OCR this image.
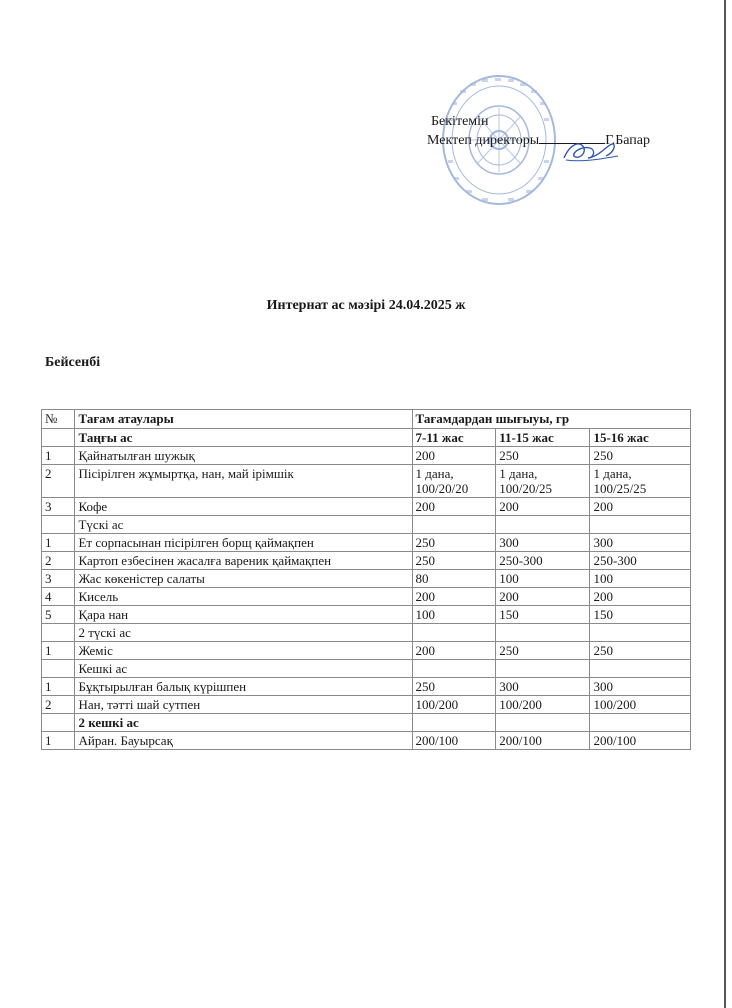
Бекітемін
Мектеп директоры	Г.Бапар
Интернат ас мәзірі 24.04.2025 ж
Бейсенбі
№	Тағам атаулары	Тағамдардан шығыуы, гр		
	Таңғы ас	7-11 жас	11-15 жас	15-16 жас
1	Қайнатылған шужық	200	250	250
2	Пісірілген жұмыртқа, нан, май ірімшік	1 дана, 100/20/20	1 дана, 100/20/25	1 дана, 100/25/25
3	Кофе	200	200	200
	Түскі ас			
1	Ет сорпасынан пісірілген борщ қаймақпен	250	300	300
2	Картоп езбесінен жасалға вареник қаймақпен	250	250-300	250-300
3	Жас көкеністер салаты	80	100	100
4	Кисель	200	200	200
5	Қара нан	100	150	150
	2 түскі ас			
1	Жеміс	200	250	250
	Кешкі ас			
1	Бұқтырылған балық күрішпен	250	300	300
2	Нан, тәтті шай сутпен	100/200	100/200	100/200
	2 кешкі ас			
1	Айран. Бауырсақ	200/100	200/100	200/100
